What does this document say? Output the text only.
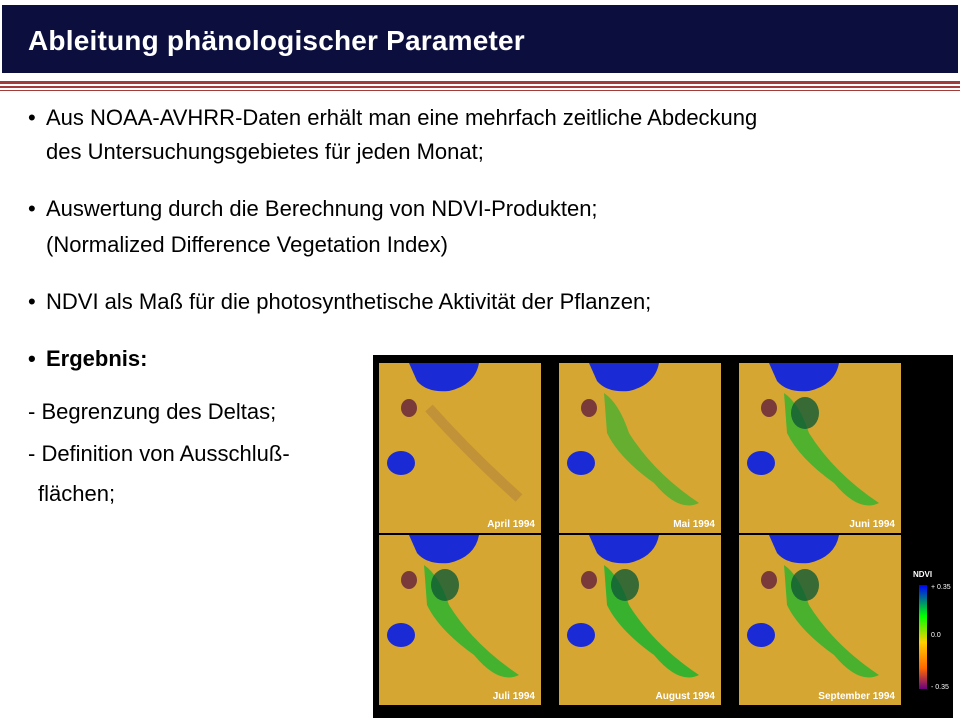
Ableitung phänologischer Parameter
• Aus NOAA-AVHRR-Daten erhält man eine mehrfach zeitliche Abdeckung
des Untersuchungsgebietes für jeden Monat;
• Auswertung durch die Berechnung von NDVI-Produkten;
(Normalized Difference Vegetation Index)
• NDVI als Maß für die photosynthetische Aktivität der Pflanzen;
• Ergebnis:
- Begrenzung des Deltas;
- Definition von Ausschluß-
flächen;
April 1994	Mai 1994	Juni 1994
Juli 1994	August 1994	September 1994
NDVI
+ 0.35
0.0
- 0.35
